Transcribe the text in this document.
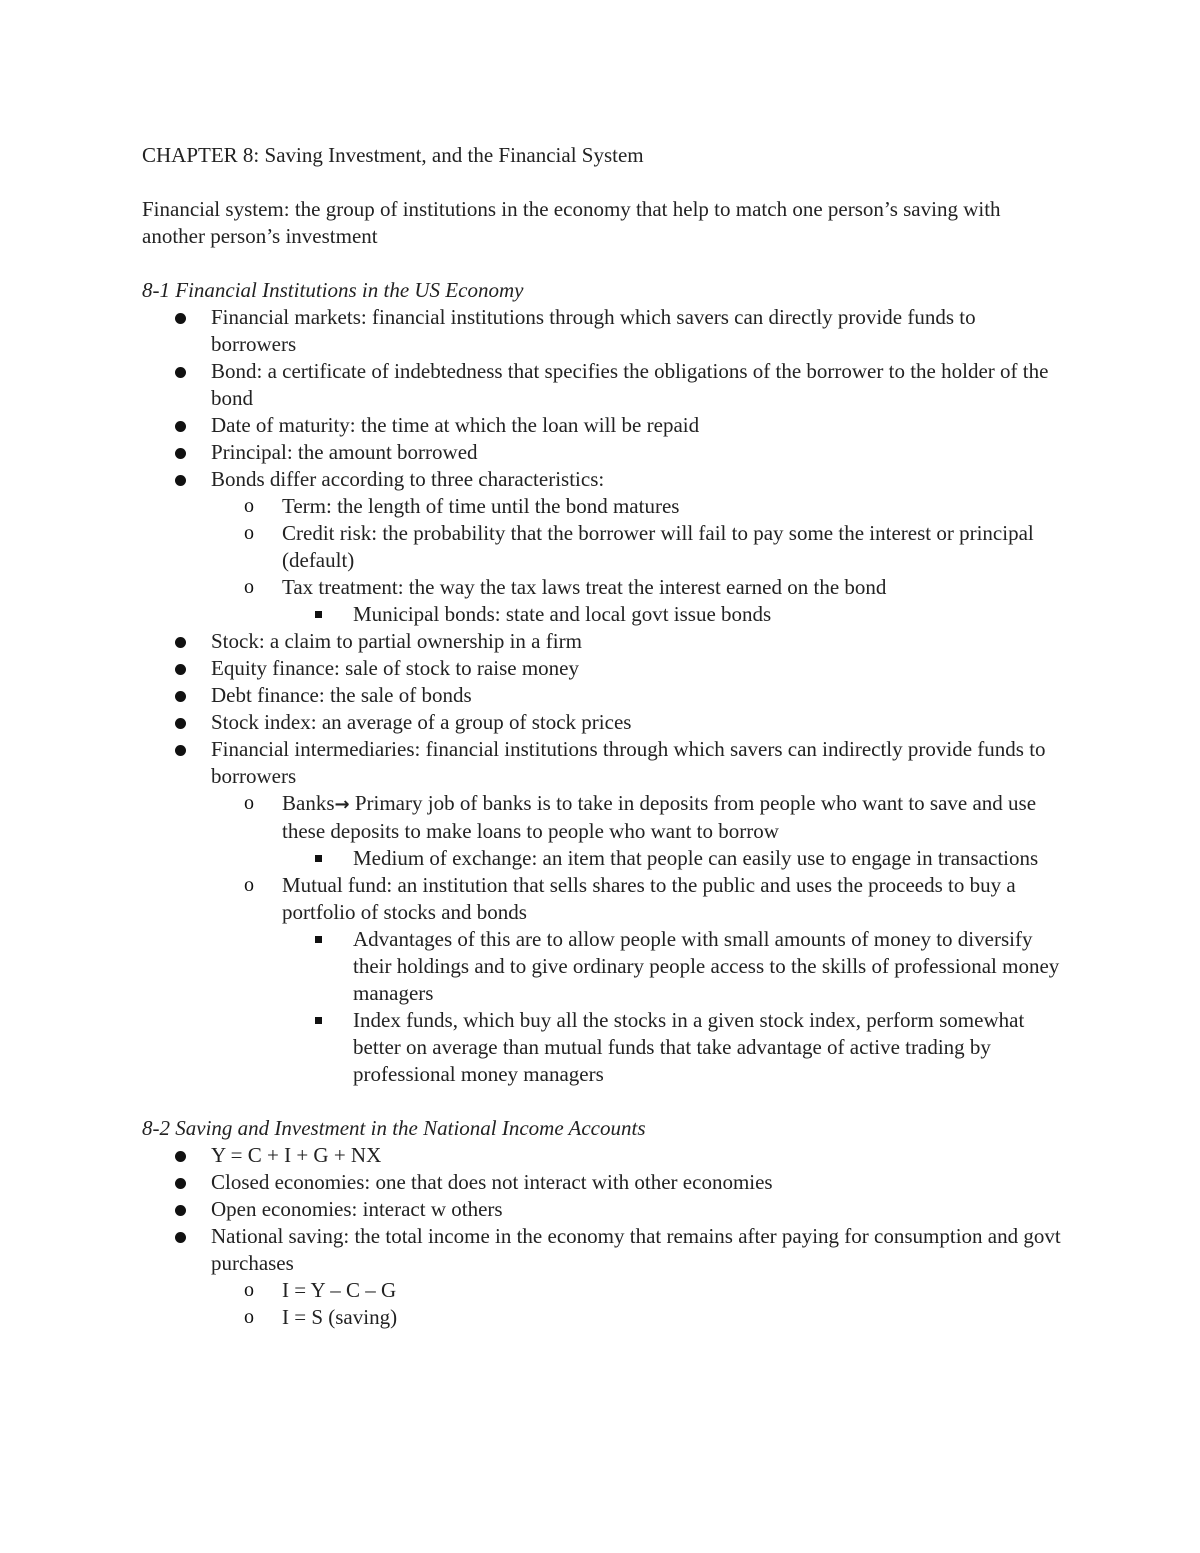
CHAPTER 8: Saving Investment, and the Financial System

Financial system: the group of institutions in the economy that help to match one person’s saving with another person’s investment

8-1 Financial Institutions in the US Economy

Financial markets: financial institutions through which savers can directly provide funds to borrowers
Bond: a certificate of indebtedness that specifies the obligations of the borrower to the holder of the bond
Date of maturity: the time at which the loan will be repaid
Principal: the amount borrowed
Bonds differ according to three characteristics:
o Term: the length of time until the bond matures
o Credit risk: the probability that the borrower will fail to pay some the interest or principal (default)
o Tax treatment: the way the tax laws treat the interest earned on the bond
Municipal bonds: state and local govt issue bonds
Stock: a claim to partial ownership in a firm
Equity finance: sale of stock to raise money
Debt finance: the sale of bonds
Stock index: an average of a group of stock prices
Financial intermediaries: financial institutions through which savers can indirectly provide funds to borrowers
o Banks→ Primary job of banks is to take in deposits from people who want to save and use these deposits to make loans to people who want to borrow
Medium of exchange: an item that people can easily use to engage in transactions
o Mutual fund: an institution that sells shares to the public and uses the proceeds to buy a portfolio of stocks and bonds
Advantages of this are to allow people with small amounts of money to diversify their holdings and to give ordinary people access to the skills of professional money managers
Index funds, which buy all the stocks in a given stock index, perform somewhat better on average than mutual funds that take advantage of active trading by professional money managers

8-2 Saving and Investment in the National Income Accounts

Y = C + I + G + NX
Closed economies: one that does not interact with other economies
Open economies: interact w others
National saving: the total income in the economy that remains after paying for consumption and govt purchases
o I = Y – C – G
o I = S (saving)
